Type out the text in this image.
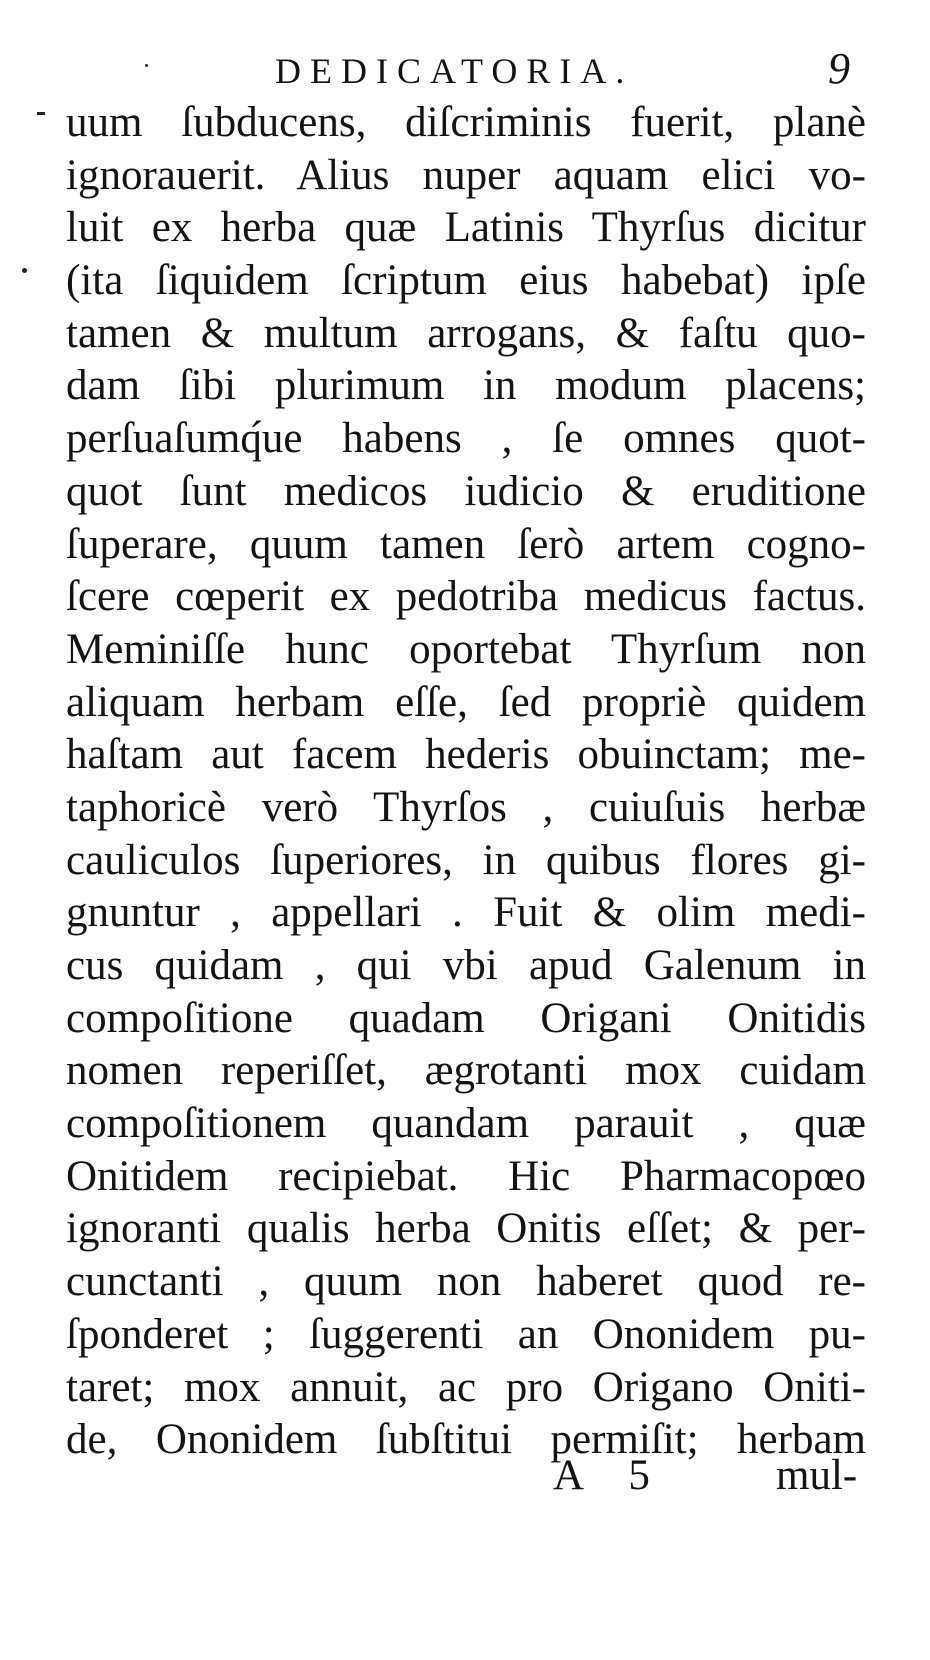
DEDICATORIA.	9
uum ſubducens, diſcriminis fuerit, planè
ignorauerit. Alius nuper aquam elici vo-
luit ex herba quæ Latinis Thyrſus dicitur
(ita ſiquidem ſcriptum eius habebat) ipſe
tamen & multum arrogans, & faſtu quo-
dam ſibi plurimum in modum placens;
perſuaſumq́ue habens , ſe omnes quot-
quot ſunt medicos iudicio & eruditione
ſuperare, quum tamen ſerò artem cogno-
ſcere cœperit ex pedotriba medicus factus.
Meminiſſe hunc oportebat Thyrſum non
aliquam herbam eſſe, ſed propriè quidem
haſtam aut facem hederis obuinctam; me-
taphoricè verò Thyrſos , cuiuſuis herbæ
cauliculos ſuperiores, in quibus flores gi-
gnuntur , appellari . Fuit & olim medi-
cus quidam , qui vbi apud Galenum in
compoſitione quadam Origani Onitidis
nomen reperiſſet, ægrotanti mox cuidam
compoſitionem quandam parauit , quæ
Onitidem recipiebat. Hic Pharmacopœo
ignoranti qualis herba Onitis eſſet; & per-
cunctanti , quum non haberet quod re-
ſponderet ; ſuggerenti an Ononidem pu-
taret; mox annuit, ac pro Origano Oniti-
de, Ononidem ſubſtitui permiſit; herbam
A 5	mul-
